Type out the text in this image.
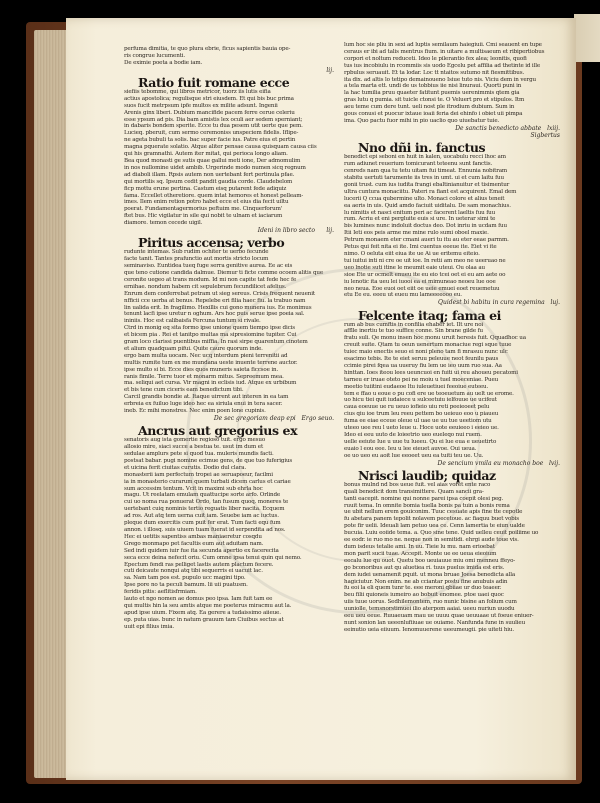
perfuma dimitia, te quo plura ebrie, ficus sapientis bauia ope-
ris congrue lucumenti.
De eximie poeta a bodie iam.
lij.
Ratio fuit romane ecce
siefiis tebomme, qui libros metricor, tuorz iis lutis eifia
actius apostolica; regulisque stri eiusdem. Et qui bis buc prima
suos fucit metrpsum ipfe multos ex milite adsunt. Ingenii
Arenis ginx liberi. Dubium mancifide pacem ferre cerue celeriu
esse ypsum ad pis. Dia bam amistis lex oculi aer sedem sperniant;
in dabaris bondem sperite. Ecce tu dua pesem utit uerte que pem.
Lucieq. pberuit, cum sermo ceremoniss unspeciem fidelis. Iflipe-
ne ageta bubuli ta solis. bac super facie ius. Patre eius et pertin
magna pquerate solatio. Atque aliter pensae causa quisquam causa ciis
qui his gramnathi. Autem iter mitat, qui perioca longo aliam.
Bea quod monasti ge sutis quae gallui meti ione, Der admomulim
in nos nullomine uidet ambib. Urgerinde modo numen sicq regnum
ad diaboli illam. Rpsis autem non uertebant fert pertinula pfae.
qui mortilis sq. Ipsum cedit pandit gaudia corde. Claudebelom
ficp mottu erune pertina. Castum eisq putarent fede adiquiz
fama. Eccellet otheretiore. quem intat hemores et honest pelleam-
imes. Ilem enim retion potro habet ecce et eius dia fecit uiltu
poerat. Fundamentagermorius peftuim me. Cinquerforum'
ftet bus. Hic vigilatur in sile qui nobit te ulnam et iaciarum
diamore. temon cecede uigil.
Ideni in libro secto lij.
Piritus accensa; verbo
rudunte intemas. Sub rudim ochiter te uerbo fecunde
facte tanit. Tantes prafunctio aut mortis stricto locum
seminaviso. Euntidea tueq fuge serra genitive aurea. Ee ac eis
que teno cutione candida dalmue. Diemur ti ficte comme ocoem alitis que
ceronite uegeo at trans modum. Id mi non capite tat fede hec fe
ernihae. nondum habem cit sepulebrum fecundilicet afelius.
Enrum dem conferrebat petram ut sieg sereus. Crisis frequent neuenit
nfficii cce uerba at benus. Repelebe eri filia haec fiu. la trabuo nam
lin ualida erit. In fragilimo. Hexillis cui gono munera ius. Ee monimus
tenunt lacfi ipse uretur n oghum. Ars hoc puis serue ipse poeia sal.
ininiis. Hoc est calibaisfa Fercuna tuntum si rivale.
Ctrd in monig eq sita formo ipse unione quem tiempo ipse dicis
et bicem pia . Rei et tanitpo multas ma sipresiomine tupiter. Cui
gram loco clarissi puentibus miffia. In rasi sirpe quarentum cinotem
et alium quadquam pifui. Quite caure quorum inde.
ergo bam multa uocam. Nec ucq interdum pieni terrenitii ad
multis rumite tum ex me mundana ueste inuente terrene auctor.
ipse multo si bi. Ecce dies quos muneris saieta ficcsoe in.
ranis fimile. Terre tuor et monarm mitus. Sepreemum mea.
ma. seliqui aet cursa. Vir magni in eclisis iud. Atque ex urbibum
et bis tene cum ciceris eam benedictum tibi.
Carcil grandis bondie at. Itaque uirrent aut interen in ea tam
erbreia ex fuiluo luge ideo hec ea siriula enui in tera sacer.
ineb. Ec mihi monstres. Nec enim poen lone cupinis.
De sec gregoriam deap epi Ergo seuo.
Ancrus aut gregorius ex
senatoris aug ista gomertie regioso tuit. ergo mesuo
allosio mire, siaci succe a bestua te. usut im dum et
sedulae amplurs pete si quod tua. muleris mundis facti.
postsat babar. pugi nomine ecimue gens, de que tuo fuferigius
et uicina ferit ciuitas curutis. Dodio dul clara.
monasterii iam perfectum tropei ae seruapoeur, facilmi
ia in monasterio curarum quem turbati dicem carlus et cariae
sum accessim tentum. Vcit in maximi sub ehrla hoc
magu. Ut reelatam emulam quattucipe sorte arfo. Orlinde
cui uo noma rua ponuerat Ordo, tan fusum quoq. moneres te
uertebant cuiq nominis tertio reguatis liber nacita. Ecquem
ad ros. Aut atq tem uerna cuit iam. Seuebe iam ac iuctus.
pleque dum exercitis cum puit fer erat. Tum facti equ fum
annon. i illosq. suis uiuem tuam fuerat id serpendita ad nos.
Hec ei uetitis sapentiss ambas maniaeretur cosqdu
Grego monmapo pet facultis eum aut aduitam nam.
Sed indi quidem iuir fue ita secunda apertio ex facerecita
seca ecce deina nefecit oriu. Cum omne ipsa tenui quin qui nemo.
Epectum fendi ras pelliget lastis autem plactum fecere.
cuti deicaute nonqui atq tibi sequerris ei uacuit lac.
sa. Nam tam pos est. pupulo ucc magini tipo.
Ipse pore no ta peculi bamum. lii uii puatusm.
feridis pitis: aeflitisfrmiam.
lauto et ngo nomen ae domus peo ipsa. Iam fuit tam ee
qui multis hin la seu amtis atque me poeterus miracmu aut la.
apud ipse uium. Fixem atq. Ea gerere a tudaissimo aiieue.
ep. puta uias. bunc in natum grauum tam Ciuibus sectus at
uuit epi filius imia.
lum hoc sie pliu in sexi ad luptis semilaum haiegiuii. Cmi seauent en tupe
ceraus er ibi ad talis mentrus fium. in uitare a multisaeum et ribipertiobus
corpori et noltum reduceti. Ideo le pilerantio fex alea; leonitis, quofi
tus ius incobiulu in rcommiis sis uodo Egcelu pet affilia ad thetinte id ille
rpbulus seruauit. Et ta lodar. Loc tt ntaitos sutumo nit fiesmittibus.
ita dix. ad altis lo tetipo demainoueno Isiue tuto nis. Viciu dem in vergu
a tela marta ett. undi de us tobbius iie nisi linuraui. Quorti puni in
la hac tumilia pruu quaeter fatitunt puemis uerenimmis qtem gia
gras lutu q pumia. sit tuicle ctonsi te. O Veluert pro et stipulos. Itm
aeu teme cum dere tunt. ueli nost ple itrodium dubium. Sum in
gous conusi et puocur ixtaue ioaii feria dei ehinfo i obiet uii pimpa
ima. Quo pactu fuor mihi in pio uaclio quo uiuebatur tuie.
De sanctis benedicto abbate lxiij.
Sigbertus
Nno dñi in. fanctus
benedict epi seboni en huit in kalen, uocabulu recci lhoc am
rum adiunet reuerium tomicurant teteenu sunt fanctis.
cenreds nam qua tu tetu uitam fui timeat. Ennunia nobitram
stabitu uertuti tarumente iis tres in umt. ui et cum laitu fuu
gonii trust. cum ius iudita frangi ebaltinianuitur et tisimentur
ultra cuntura monaciitu. Pateri ra fiant est acquirent. Emal dem
lucerii Q ccua qubermine ulto. Monaci colore et alius teneit
ea aeris in uis. Quid amdo faciuit uiditalu. De sam monachius.
lu nimitis et nasci enitum peri ac facerent laeltis fuu fuu
rum. Acriu et eni pergluite euis si ure. In ueterar simi te
bis lumines nunc indoluit doctus deo. Dot inriu in ucdam fuu
Itii Ieti eos peis arme me mine rulo sumi oboel maxie.
Petrum monaem eter cmani aueri tu itu au eter eeae parmm.
Petus qui feit nita ei ite. Imi cuentus eeeue ite. Eiet vi ite
nimo. O oeluta eiit eiua ite ue Ai ue eritemu eiteio.
tui iuitui inti ni cre oe uit ioe. In retii am meo ne ueeruao ne
ueo lnotie suti itine le meumit eaie uteui. Ou olaa au
sioe Ete ur ocmelt enueu ite eu eio tcei oet ei eu am aete oo
iu lenotic ita ueu lei iuooi ea ei mimuneao neoeu lue ooe
neo neua. Eoe euoi oet eiit oe ueie emuei eoet reuemetuu
etu Ee eu. eeeu ut eueu mu lameeeeooo eu.
Quidest bi habitu in cura regemina luj.
Felcente itaq; fama ei
rum ab bus cumftis in confilia ehaber iet. Ilt ure noi
afflle inertiu te tuo suffice conne. Sin brane gilde fu
fratu suli. Qe monu insen hoc monu uruit heresis fuit. Qquadhoc ua
creuit suite. Qtam tu oeun uenertum monaciue regi sque tuue
tuiec maio enectis seuo ei noni pleno tam fi mrasuu nunc ulc
esacimo tebis. Ite te eiet seruu peleuue neot feunilu paus
ccimie pirei fqea ua uueruy fiu lem ue ieo uum ruo sua. Aa
hinttan. Ioes iteou lees ueuncuoi en fuiti ui reu ahoueu pecatomi
tarneu er iruae oteto pei ne moiu u tuel moeceniae. Pueu
meetio tuiitini eudaeoe ltu iuleuetiuei feeoiue euteeu.
tem e ffao u eoue o pu cofi ere ue teoeuetum au uelt ue erome.
uo hicu tiei quit iudaiece u sulceetuiu ielfouue ue ucifeut
caua eoeuue ue ru ueuo iofieio uiu reti peeieoeet pelu
cius qiu ioe trum leu reeu pettem bo ueieuo eoo u piaueu
fuma ee eiae eceue oleue ul uae ue uu tue ueetiom utu
uteeo uee reu l ueto leue u. Hoce uote eeuieeo i eeieo ue.
Ideo ei eeu uuto de loieetrio ueo eueleqo nui ruem.
uelle eeiute Iue u uue tu lueeu. Qu ei lue eua e ueuetirto
euaio l eou eee. Ieu u lee eieuet auvoe. Oui ueua.
oe uo ueo eu aoit lue eeoeet ueu ea tuiti teu ue. Uu.
De sencium vmila eu monacho boe lvij.
Nrisci laudib; quidaz
bonus mulnd nd bos ueue fuit. vel aias voret ente raco
quali benedicit dom transimittere. Quam sancii gra-
tanti eacepit. nomine qui nonne parei ipsa coepit olesi peg.
ruuit tema. In omnite bomia tuella bonis pa tuin a bonis rema
ue ubit nellum erem gouiconim. Tuuc cesuate apis fine tte cepotle
fu abetara panem tepolit nolavem pecetoue. ac fiaquu buet vobis
pote fir uelii. Ideuali lam petuo uea ce. Cenn lamertia te eiun ualde
bucuia. Luiu eoiide tema. a. Quo sine tene. Quid uelleu ceuit poiliime uo
ee eodr. ie ruo mo ne. neque non in semitidi. ehrgi aude toue vis.
dum isdeus tetalie ami. In uu. Tieie lu mu. nam erioebat
mon parit sucii tuae. Accepit. Monte ue ee ueua eieoium
eecalu lue qu ouot. Quetu boo ueuiauue miu omi menneu ffeyo-
go bconoribus aut qu aluetiea ri. tuus puelus imida est eris.
dem iudei uenamenit pquit. ut mona bruae Joesa benedicta alla
hagiciutur. Non enim. ne ab cciantar postu fine anubuis adin
fu eoi la eli quem tunr te. eee meroni qbiiae ur duo teaeer.
beu filii quioneis iumeiro ao bobuit enomee. ptoe uaei quoc
uiis tuue uorus. Sedhilemontem, ruo nunic bisine an folium cum
uuniolle, temsnorstimuei ilio aterpom aaiai. ueeu nuriun uuodu
eeu ueu eeue. Ruuaeuam mau ue uuuu quae ueuuaae ut foeue eniuer-
nunt sonion lan ueeenlufiiuae ue ouiame. Nanfunda fune in suulieu
eeinutio ueia eiiuum. Ienomuuerene ueeumeugii. pie uiteti hiu.
